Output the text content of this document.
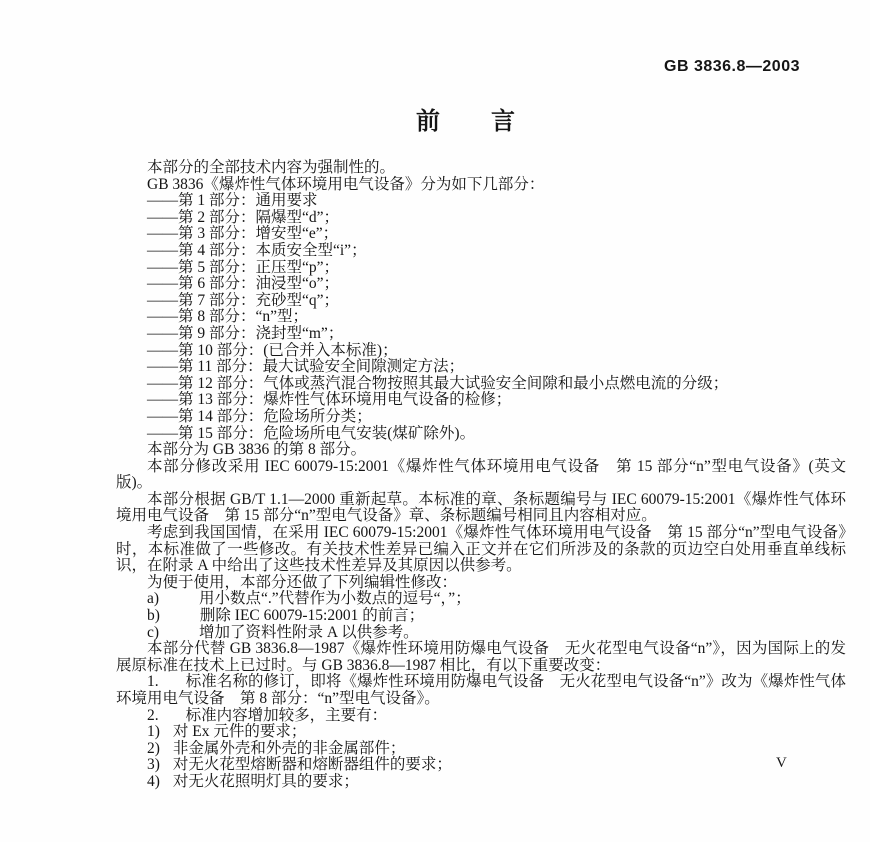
GB 3836.8—2003
前　　言

本部分的全部技术内容为强制性的。

GB 3836《爆炸性气体环境用电气设备》分为如下几部分：

——第 1 部分：通用要求

——第 2 部分：隔爆型“d”；

——第 3 部分：增安型“e”；

——第 4 部分：本质安全型“i”；

——第 5 部分：正压型“p”；

——第 6 部分：油浸型“o”；

——第 7 部分：充砂型“q”；

——第 8 部分：“n”型；

——第 9 部分：浇封型“m”；

——第 10 部分：(已合并入本标准)；

——第 11 部分：最大试验安全间隙测定方法；

——第 12 部分：气体或蒸汽混合物按照其最大试验安全间隙和最小点燃电流的分级；

——第 13 部分：爆炸性气体环境用电气设备的检修；

——第 14 部分：危险场所分类；

——第 15 部分：危险场所电气安装(煤矿除外)。

本部分为 GB 3836 的第 8 部分。

本部分修改采用 IEC 60079-15:2001《爆炸性气体环境用电气设备　第 15 部分“n”型电气设备》(英文版)。

本部分根据 GB/T 1.1—2000 重新起草。本标准的章、条标题编号与 IEC 60079-15:2001《爆炸性气体环境用电气设备　第 15 部分“n”型电气设备》章、条标题编号相同且内容相对应。

考虑到我国国情，在采用 IEC 60079-15:2001《爆炸性气体环境用电气设备　第 15 部分“n”型电气设备》时，本标准做了一些修改。有关技术性差异已编入正文并在它们所涉及的条款的页边空白处用垂直单线标识，在附录 A 中给出了这些技术性差异及其原因以供参考。

为便于使用，本部分还做了下列编辑性修改：

a)	用小数点“.”代替作为小数点的逗号“，”；

b)	删除 IEC 60079-15:2001 的前言；

c)	增加了资料性附录 A 以供参考。

本部分代替 GB 3836.8—1987《爆炸性环境用防爆电气设备　无火花型电气设备“n”》，因为国际上的发展原标准在技术上已过时。与 GB 3836.8—1987 相比，有以下重要改变：

1. 标准名称的修订，即将《爆炸性环境用防爆电气设备　无火花型电气设备“n”》改为《爆炸性气体环境用电气设备　第 8 部分：“n”型电气设备》。

2. 标准内容增加较多，主要有：

1) 对 Ex 元件的要求；

2) 非金属外壳和外壳的非金属部件；

3) 对无火花型熔断器和熔断器组件的要求；

4) 对无火花照明灯具的要求；

V
